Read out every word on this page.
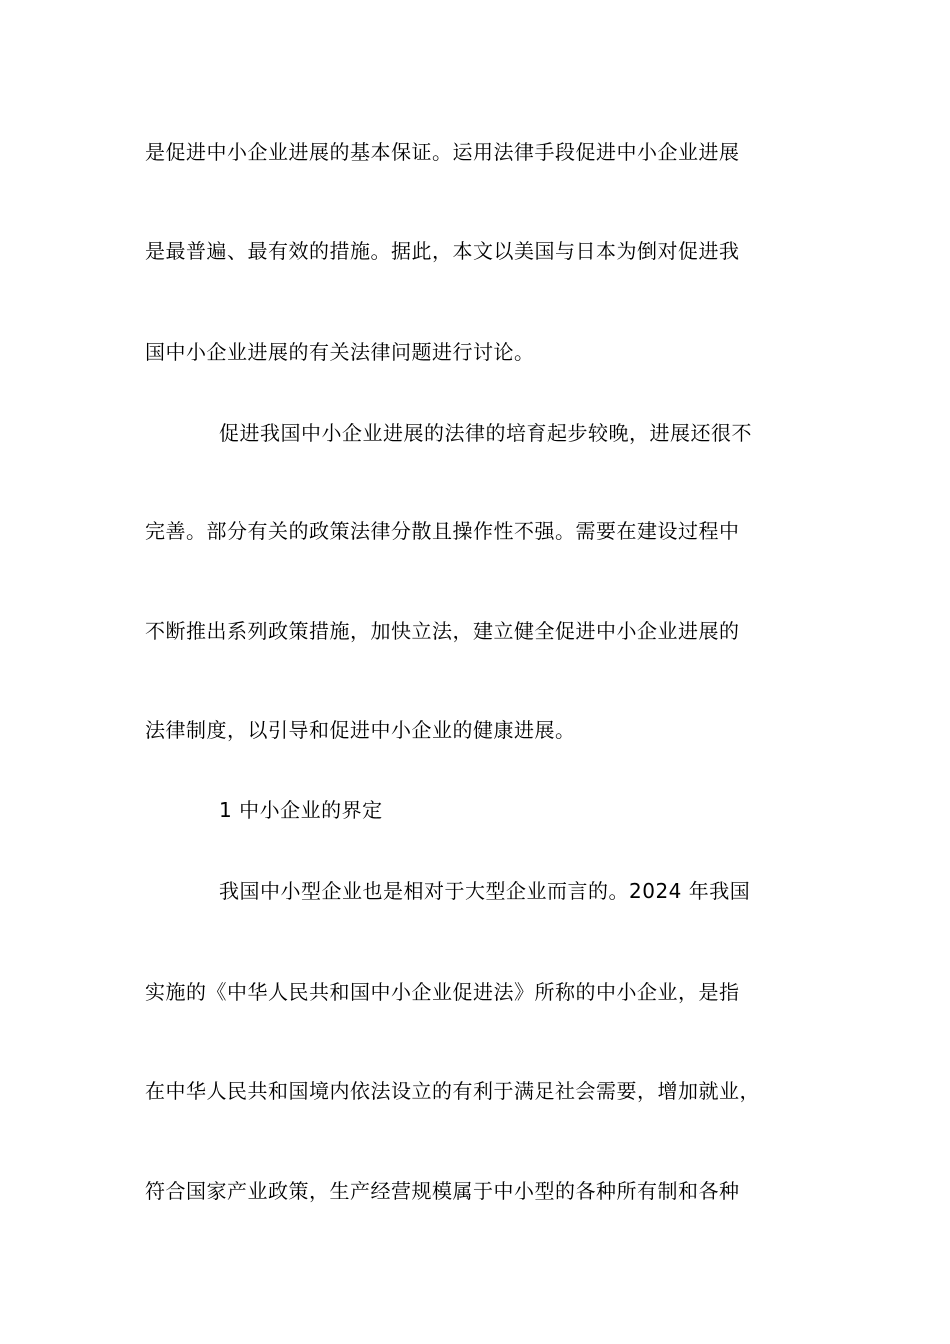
是促进中小企业进展的基本保证。运用法律手段促进中小企业进展
是最普遍、最有效的措施。据此，本文以美国与日本为倒对促进我
国中小企业进展的有关法律问题进行讨论。
促进我国中小企业进展的法律的培育起步较晚，进展还很不
完善。部分有关的政策法律分散且操作性不强。需要在建设过程中
不断推出系列政策措施，加快立法，建立健全促进中小企业进展的
法律制度，以引导和促进中小企业的健康进展。
1 中小企业的界定
我国中小型企业也是相对于大型企业而言的。2024 年我国
实施的《中华人民共和国中小企业促进法》所称的中小企业，是指
在中华人民共和国境内依法设立的有利于满足社会需要，增加就业，
符合国家产业政策，生产经营规模属于中小型的各种所有制和各种
